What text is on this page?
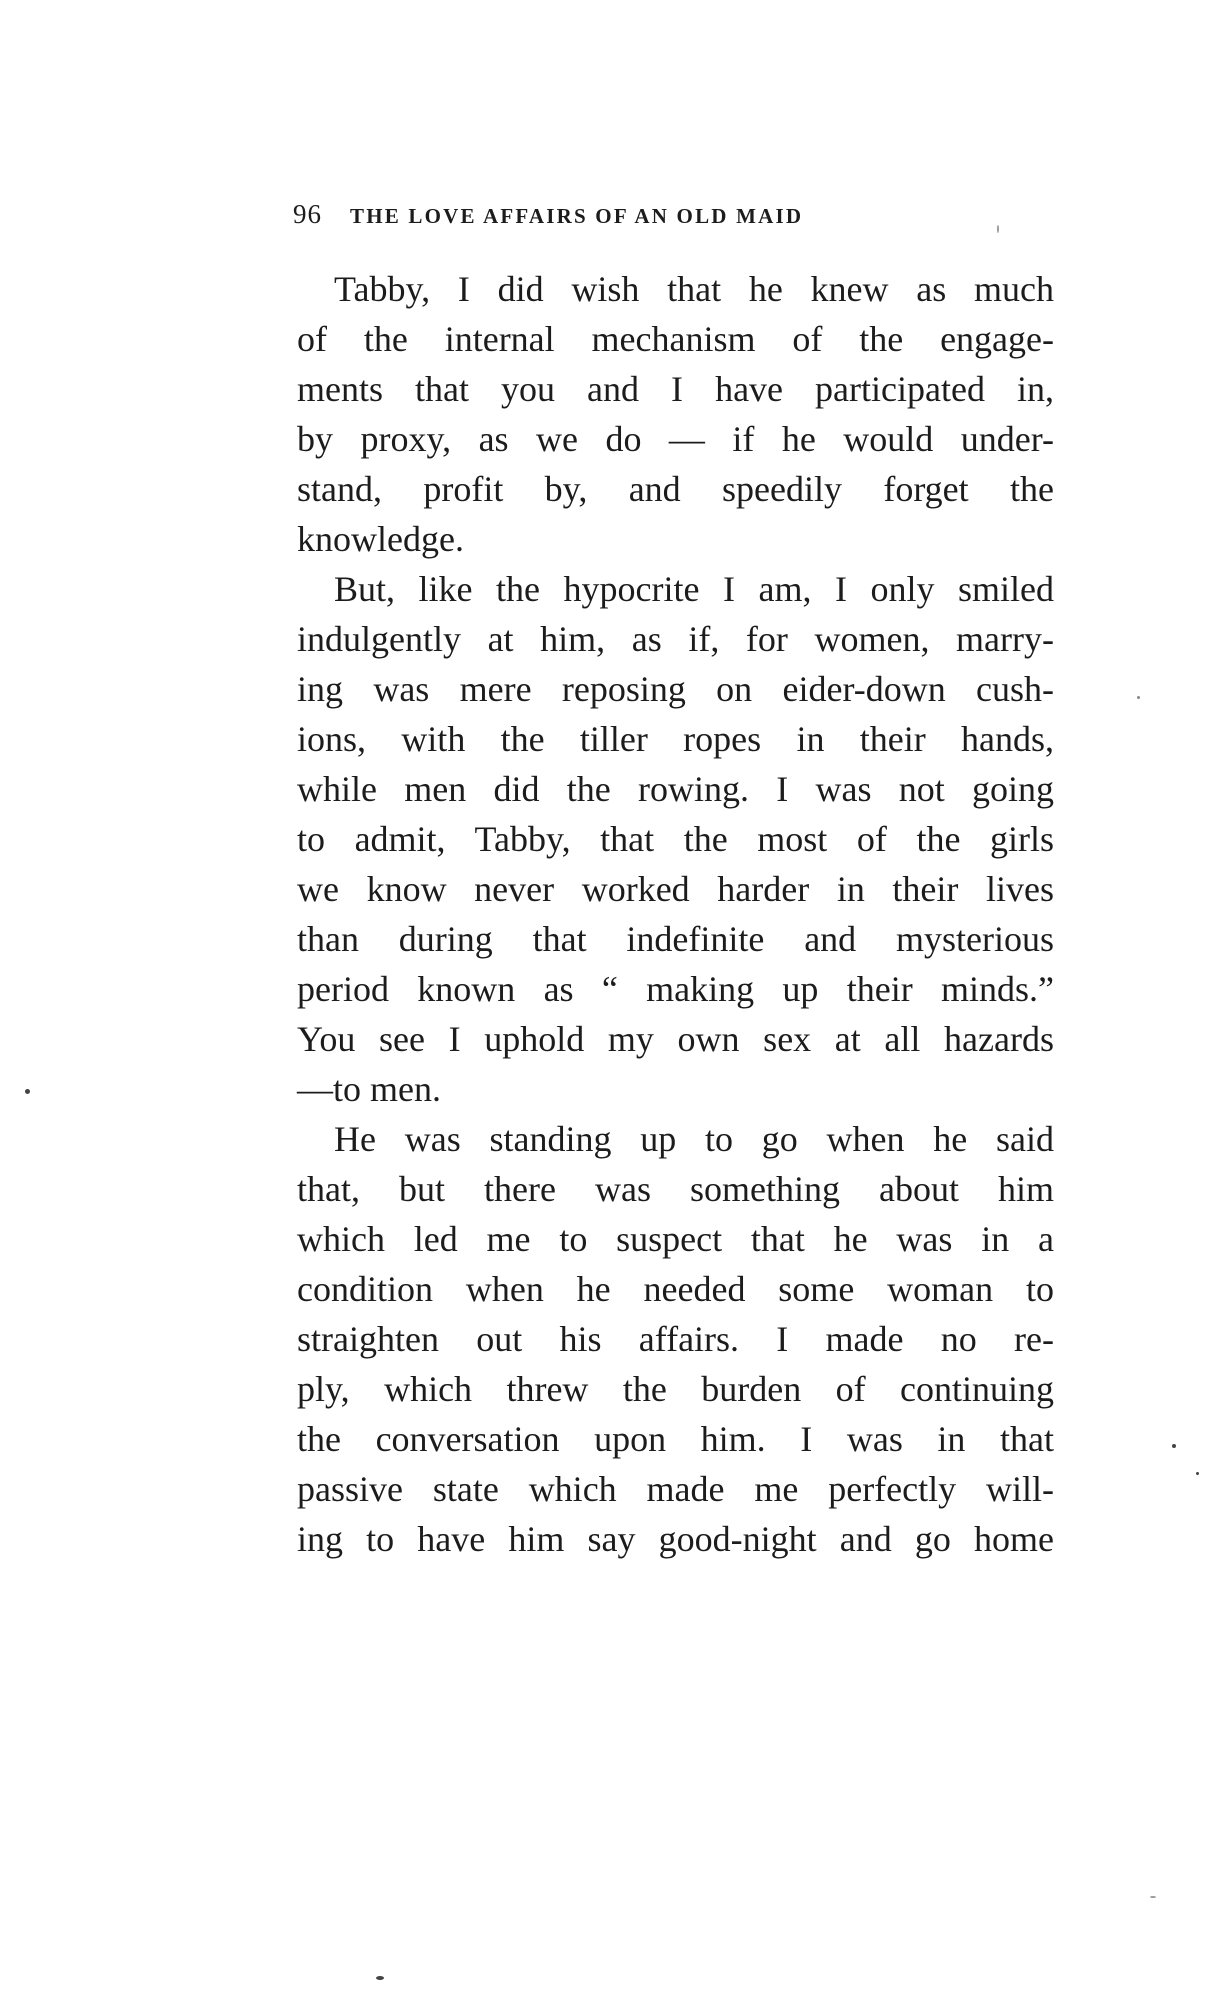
96 THE LOVE AFFAIRS OF AN OLD MAID
Tabby, I did wish that he knew as much
of the internal mechanism of the engage-
ments that you and I have participated in,
by proxy, as we do — if he would under-
stand, profit by, and speedily forget the
knowledge.
But, like the hypocrite I am, I only smiled
indulgently at him, as if, for women, marry-
ing was mere reposing on eider-down cush-
ions, with the tiller ropes in their hands,
while men did the rowing. I was not going
to admit, Tabby, that the most of the girls
we know never worked harder in their lives
than during that indefinite and mysterious
period known as “ making up their minds.”
You see I uphold my own sex at all hazards
—to men.
He was standing up to go when he said
that, but there was something about him
which led me to suspect that he was in a
condition when he needed some woman to
straighten out his affairs. I made no re-
ply, which threw the burden of continuing
the conversation upon him. I was in that
passive state which made me perfectly will-
ing to have him say good-night and go home
